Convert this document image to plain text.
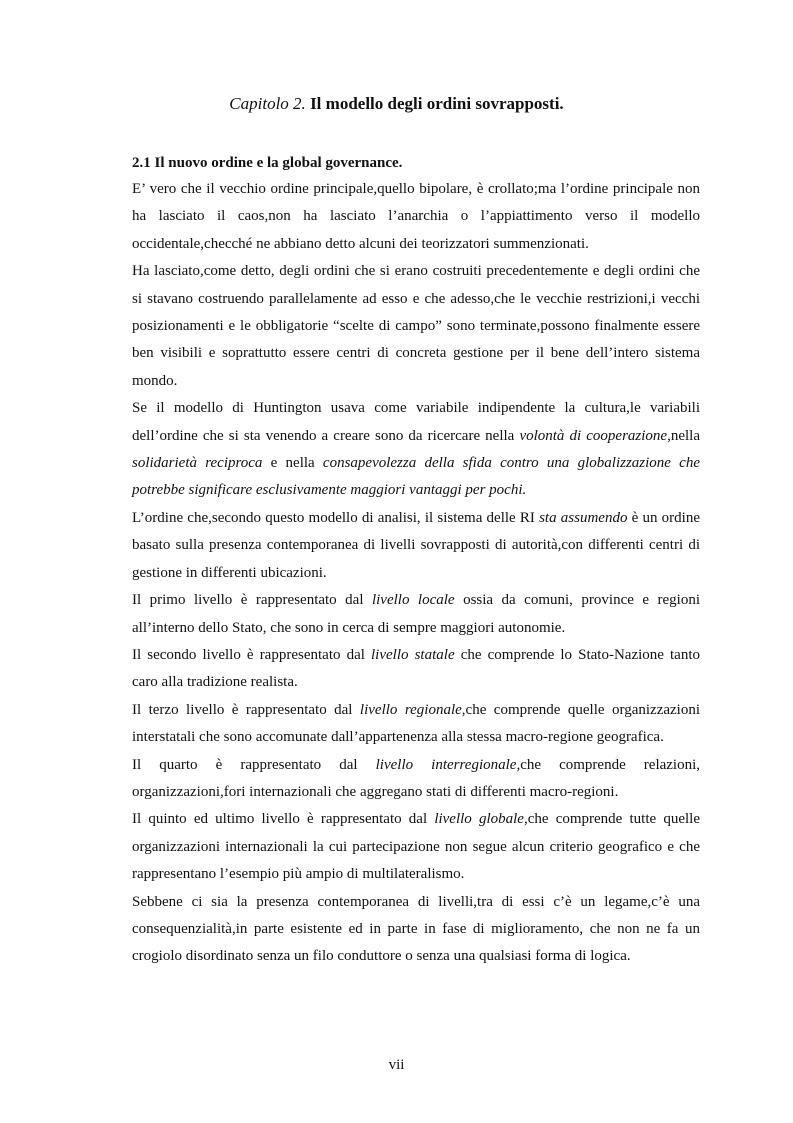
Capitolo 2. Il modello degli ordini sovrapposti.
2.1 Il nuovo ordine e la global governance.

E’ vero che il vecchio ordine principale,quello bipolare, è crollato;ma l’ordine principale non ha lasciato il caos,non ha lasciato l’anarchia o l’appiattimento verso il modello occidentale,checché ne abbiano detto alcuni dei teorizzatori summenzionati.

Ha lasciato,come detto, degli ordini che si erano costruiti precedentemente e degli ordini che si stavano costruendo parallelamente ad esso e che adesso,che le vecchie restrizioni,i vecchi posizionamenti e le obbligatorie “scelte di campo” sono terminate,possono finalmente essere ben visibili e soprattutto essere centri di concreta gestione per il bene dell’intero sistema mondo.

Se il modello di Huntington usava come variabile indipendente la cultura,le variabili dell’ordine che si sta venendo a creare sono da ricercare nella volontà di cooperazione,nella solidarietà reciproca e nella consapevolezza della sfida contro una globalizzazione che potrebbe significare esclusivamente maggiori vantaggi per pochi.

L’ordine che,secondo questo modello di analisi, il sistema delle RI sta assumendo è un ordine basato sulla presenza contemporanea di livelli sovrapposti di autorità,con differenti centri di gestione in differenti ubicazioni.

Il primo livello è rappresentato dal livello locale ossia da comuni, province e regioni all’interno dello Stato, che sono in cerca di sempre maggiori autonomie.

Il secondo livello è rappresentato dal livello statale che comprende lo Stato-Nazione tanto caro alla tradizione realista.

Il terzo livello è rappresentato dal livello regionale,che comprende quelle organizzazioni interstatali che sono accomunate dall’appartenenza alla stessa macro-regione geografica.

Il quarto è rappresentato dal livello interregionale,che comprende relazioni, organizzazioni,fori internazionali che aggregano stati di differenti macro-regioni.

Il quinto ed ultimo livello è rappresentato dal livello globale,che comprende tutte quelle organizzazioni internazionali la cui partecipazione non segue alcun criterio geografico e che rappresentano l’esempio più ampio di multilateralismo.

Sebbene ci sia la presenza contemporanea di livelli,tra di essi c’è un legame,c’è una consequenzialità,in parte esistente ed in parte in fase di miglioramento, che non ne fa un crogiolo disordinato senza un filo conduttore o senza una qualsiasi forma di logica.

vii
